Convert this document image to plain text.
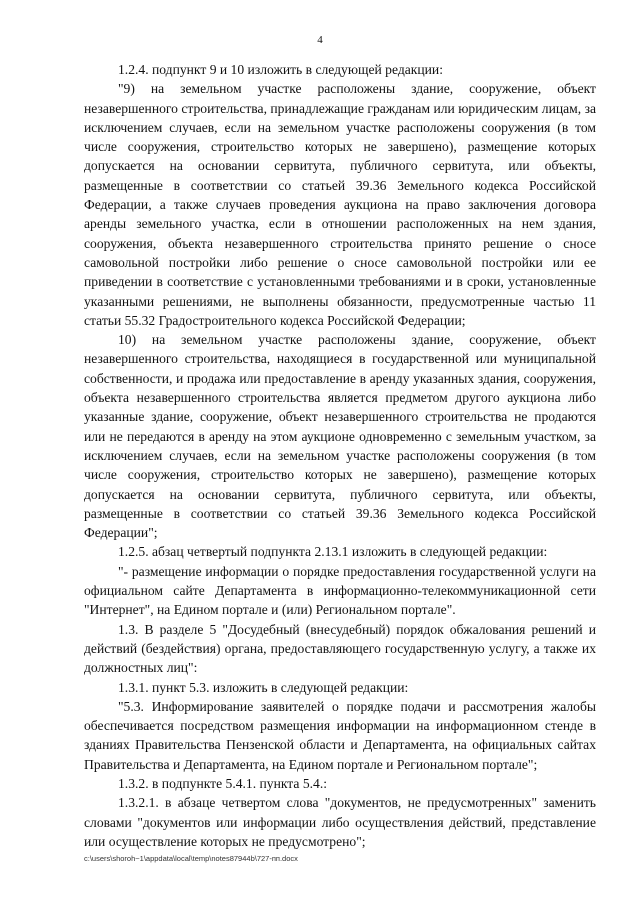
4

1.2.4. подпункт 9 и 10 изложить в следующей редакции:

"9) на земельном участке расположены здание, сооружение, объект незавершенного строительства, принадлежащие гражданам или юридическим лицам, за исключением случаев, если на земельном участке расположены сооружения (в том числе сооружения, строительство которых не завершено), размещение которых допускается на основании сервитута, публичного сервитута, или объекты, размещенные в соответствии со статьей 39.36 Земельного кодекса Российской Федерации, а также случаев проведения аукциона на право заключения договора аренды земельного участка, если в отношении расположенных на нем здания, сооружения, объекта незавершенного строительства принято решение о сносе самовольной постройки либо решение о сносе самовольной постройки или ее приведении в соответствие с установленными требованиями и в сроки, установленные указанными решениями, не выполнены обязанности, предусмотренные частью 11 статьи 55.32 Градостроительного кодекса Российской Федерации;

10) на земельном участке расположены здание, сооружение, объект незавершенного строительства, находящиеся в государственной или муниципальной собственности, и продажа или предоставление в аренду указанных здания, сооружения, объекта незавершенного строительства является предметом другого аукциона либо указанные здание, сооружение, объект незавершенного строительства не продаются или не передаются в аренду на этом аукционе одновременно с земельным участком, за исключением случаев, если на земельном участке расположены сооружения (в том числе сооружения, строительство которых не завершено), размещение которых допускается на основании сервитута, публичного сервитута, или объекты, размещенные в соответствии со статьей 39.36 Земельного кодекса Российской Федерации";

1.2.5. абзац четвертый подпункта 2.13.1 изложить в следующей редакции:

"- размещение информации о порядке предоставления государственной услуги на официальном сайте Департамента в информационно-телекоммуникационной сети "Интернет", на Едином портале и (или) Региональном портале".

1.3. В разделе 5 "Досудебный (внесудебный) порядок обжалования решений и действий (бездействия) органа, предоставляющего государственную услугу, а также их должностных лиц":

1.3.1. пункт 5.3. изложить в следующей редакции:

"5.3. Информирование заявителей о порядке подачи и рассмотрения жалобы обеспечивается посредством размещения информации на информационном стенде в зданиях Правительства Пензенской области и Департамента, на официальных сайтах Правительства и Департамента, на Едином портале и Региональном портале";

1.3.2. в подпункте 5.4.1. пункта 5.4.:

1.3.2.1. в абзаце четвертом слова "документов, не предусмотренных" заменить словами "документов или информации либо осуществления действий, представление или осуществление которых не предусмотрено";

c:\users\shoroh~1\appdata\local\temp\notes87944b\727-пп.docx
